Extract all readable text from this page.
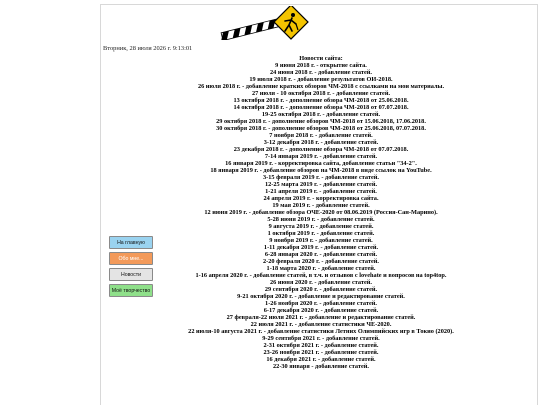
Вторник, 28 июля 2026 г. 9:13:01
Новости сайта:
9 июня 2018 г. - открытие сайта.
24 июня 2018 г. - добавление статей.
19 июля 2018 г. - добавление результатов ОИ-2018.
26 июля 2018 г. - добавление кратких обзоров ЧМ-2018 с ссылками на мои материалы.
27 июля - 10 октября 2018 г. - добавление статей.
13 октября 2018 г. - дополнение обзора ЧМ-2018 от 25.06.2018.
14 октября 2018 г. - дополнение обзора ЧМ-2018 от 07.07.2018.
19-25 октября 2018 г. - добавление статей.
29 октября 2018 г. - дополнение обзоров ЧМ-2018 от 15.06.2018, 17.06.2018.
30 октября 2018 г. - дополнение обзоров ЧМ-2018 от 25.06.2018, 07.07.2018.
7 ноября 2018 г. - добавление статей.
3-12 декабря 2018 г. - добавление статей.
23 декабря 2018 г. - дополнение обзора ЧМ-2018 от 07.07.2018.
7-14 января 2019 г. - добавление статей.
16 января 2019 г. - корректировка сайта, добавление статьи "34-2".
18 января 2019 г. - добавление обзоров на ЧМ-2018 в виде ссылок на YouTube.
3-15 февраля 2019 г. - добавление статей.
12-25 марта 2019 г. - добавление статей.
1-21 апреля 2019 г. - добавление статей.
24 апреля 2019 г. - корректировка сайта.
19 мая 2019 г. - добавление статей.
12 июня 2019 г. - добавление обзора ОЧЕ-2020 от 08.06.2019 (Россия-Сан-Марино).
5-28 июня 2019 г. - добавление статей.
9 августа 2019 г. - добавление статей.
1 октября 2019 г. - добавление статей.
9 ноября 2019 г. - добавление статей.
1-11 декабря 2019 г. - добавление статей.
6-28 января 2020 г. - добавление статей.
2-20 февраля 2020 г. - добавление статей.
1-18 марта 2020 г. - добавление статей.
1-16 апреля 2020 г. - добавление статей, в т.ч. и отзывов с lovehate и вопросов на top4top.
26 июня 2020 г. - добавление статей.
29 сентября 2020 г. - добавление статей.
9-21 октября 2020 г. - добавление и редактирование статей.
1-26 ноября 2020 г. - добавление статей.
6-17 декабря 2020 г. - добавление статей.
27 февраля-22 июля 2021 г. - добавление и редактирование статей.
22 июля 2021 г. - добавление статистики ЧЕ-2020.
22 июля-10 августа 2021 г. - добавление статистики Летних Олимпийских игр в Токио (2020).
9-29 сентября 2021 г. - добавление статей.
2-31 октября 2021 г. - добавление статей.
23-26 ноября 2021 г. - добавление статей.
16 декабря 2021 г. - добавление статей.
22-30 января - добавление статей.
На главную
Обо мне...
Новости
Моё творчество
